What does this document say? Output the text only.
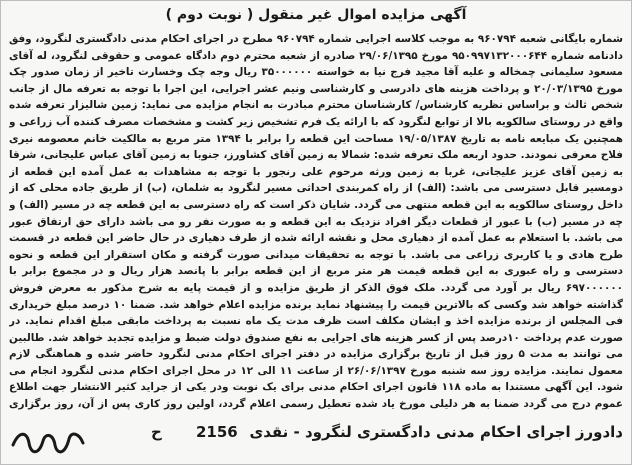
آگهی مزایده اموال غیر منقول ( نوبت دوم )
شماره بایگانی شعبه ۹۶۰۷۹۴ به موجب کلاسه اجرایی شماره ۹۶۰۷۹۴ مطرح در اجرای احکام مدنی دادگستری لنگرود، وفق دادنامه شماره ۹۵۰۹۹۷۱۳۲۰۰۰۶۴۴ مورخ ۲۹/۰۶/۱۳۹۵ صادره از شعبه محترم دوم دادگاه عمومی و حقوقی لنگرود، له آقای مسعود سلیمانی چمخاله و علیه آقا مجید فرج نیا به خواسته ۳۵۰۰۰۰۰۰ ریال وجه چک وخسارت تاخیر از زمان صدور چک مورخ ۲۰/۰۳/۱۳۹۵ و پرداخت هزینه های دادرسی و کارشناسی ونیم عشر اجرایی، این اجرا با توجه به تعرفه مال از جانب شخص ثالث و براساس نظریه کارشناس/ کارشناسان محترم مبادرت به انجام مزایده می نماید: زمین شالیزار تعرفه شده واقع در روستای سالکویه بالا از توابع لنگرود که با ارائه یک فرم تشخیص زیر کشت و مشخصات مصرف کننده آب زراعی و همچنین یک مبایعه نامه به تاریخ ۱۹/۰۵/۱۳۸۷ مساحت این قطعه را برابر با ۱۳۹۴ متر مربع به مالکیت خانم معصومه نیری فلاح معرفی نمودند. حدود اربعه ملک تعرفه شده: شمالا به زمین آقای کشاورز، جنوبا به زمین آقای عباس علیجانی، شرقا به زمین آقای عزیز علیجانی، غربا به زمین ورثه مرحوم علی رنجور با توجه به مشاهدات به عمل آمده این قطعه از دومسیر قابل دسترسی می باشد: (الف) از راه کمربندی احداثی مسیر لنگرود به شلمان، (ب) از طریق جاده محلی که از داخل روستای سالکویه به این قطعه منتهی می گردد. شایان ذکر است که راه دسترسی به این قطعه چه در مسیر (الف) و چه در مسیر (ب) با عبور از قطعات دیگر افراد نزدیک به این قطعه و به صورت نفر رو می باشد دارای حق ارتفاق عبور می باشد. با استعلام به عمل آمده از دهیاری محل و نقشه ارائه شده از طرف دهیاری در حال حاضر این قطعه در قسمت طرح هادی و یا کاربری زراعی می باشد. با توجه به تحقیقات میدانی صورت گرفته و مکان استقرار این قطعه و نحوه دسترسی و راه عبوری به این قطعه قیمت هر متر مربع از این قطعه برابر با پانصد هزار ریال و در مجموع برابر با ۶۹۷۰۰۰۰۰۰ ریال بر آورد می گردد. ملک فوق الذکر از طریق مزایده و از قیمت پایه به شرح مذکور به معرض فروش گذاشته خواهد شد وکسی که بالاترین قیمت را پیشنهاد نماید برنده مزایده اعلام خواهد شد. ضمنا ۱۰ درصد مبلغ خریداری فی المجلس از برنده مزایده اخذ و ایشان مکلف است ظرف مدت یک ماه نسبت به پرداخت مابقی مبلغ اقدام نماید. در صورت عدم پرداخت ۱۰درصد پس از کسر هزینه های اجرایی به نفع صندوق دولت ضبط و مزایده تجدید خواهد شد. طالبین می توانند به مدت ۵ روز قبل از تاریخ برگزاری مزایده در دفتر اجرای احکام مدنی لنگرود حاضر شده و هماهنگی لازم معمول نمایند. مزایده روز سه شنبه مورخ ۲۶/۰۶/۱۳۹۷ از ساعت ۱۱ الی ۱۲ در محل اجرای احکام مدنی لنگرود انجام می شود. این آگهی مستندا به ماده ۱۱۸ قانون اجرای احکام مدنی برای یک نوبت ودر یکی از جراید کثیر الانتشار جهت اطلاع عموم درج می گردد ضمنا به هر دلیلی مورخ یاد شده تعطیل رسمی اعلام گردد، اولین روز کاری پس از آن، روز برگزاری
ح 2156 دادورز اجرای احکام مدنی دادگستری لنگرود - نقدی
